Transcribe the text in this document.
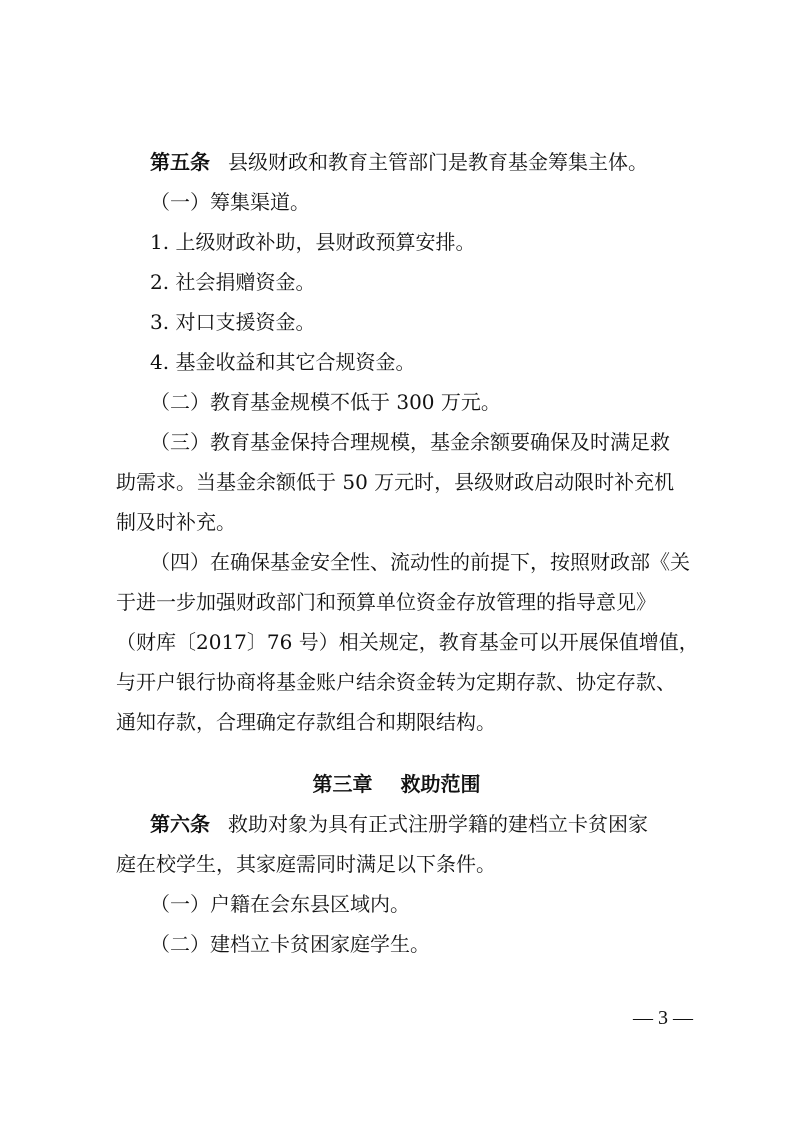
第五条 县级财政和教育主管部门是教育基金筹集主体。
（一）筹集渠道。
1. 上级财政补助，县财政预算安排。
2. 社会捐赠资金。
3. 对口支援资金。
4. 基金收益和其它合规资金。
（二）教育基金规模不低于 300 万元。
（三）教育基金保持合理规模，基金余额要确保及时满足救
助需求。当基金余额低于 50 万元时，县级财政启动限时补充机
制及时补充。
（四）在确保基金安全性、流动性的前提下，按照财政部《关
于进一步加强财政部门和预算单位资金存放管理的指导意见》
（财库〔2017〕76 号）相关规定，教育基金可以开展保值增值，
与开户银行协商将基金账户结余资金转为定期存款、协定存款、
通知存款，合理确定存款组合和期限结构。
第三章 救助范围
第六条 救助对象为具有正式注册学籍的建档立卡贫困家
庭在校学生，其家庭需同时满足以下条件。
（一）户籍在会东县区域内。
（二）建档立卡贫困家庭学生。
— 3 —
